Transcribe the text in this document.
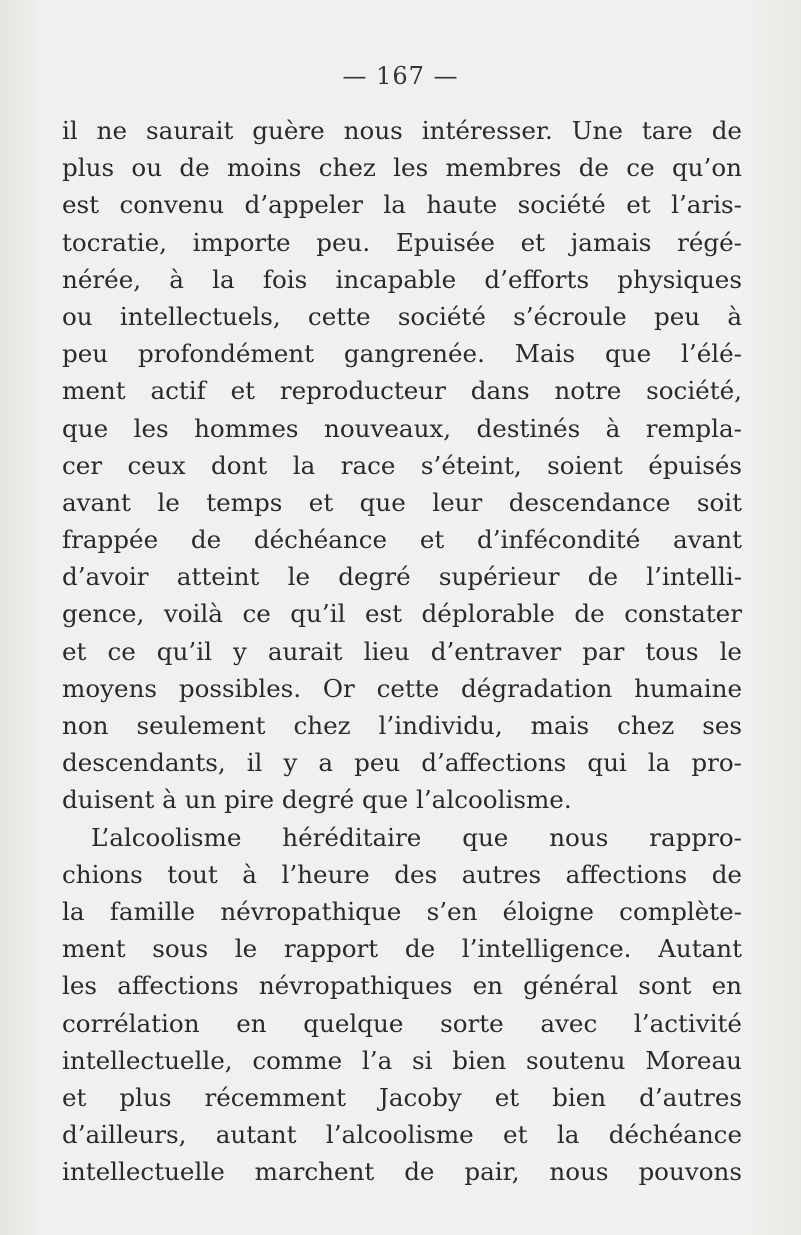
— 167 —
il ne saurait guère nous intéresser. Une tare de
plus ou de moins chez les membres de ce qu’on
est convenu d’appeler la haute société et l’aris-
tocratie, importe peu. Epuisée et jamais régé-
nérée, à la fois incapable d’efforts physiques
ou intellectuels, cette société s’écroule peu à
peu profondément gangrenée. Mais que l’élé-
ment actif et reproducteur dans notre société,
que les hommes nouveaux, destinés à rempla-
cer ceux dont la race s’éteint, soient épuisés
avant le temps et que leur descendance soit
frappée de déchéance et d’infécondité avant
d’avoir atteint le degré supérieur de l’intelli-
gence, voilà ce qu’il est déplorable de constater
et ce qu’il y aurait lieu d’entraver par tous le
moyens possibles. Or cette dégradation humaine
non seulement chez l’individu, mais chez ses
descendants, il y a peu d’affections qui la pro-
duisent à un pire degré que l’alcoolisme.
L’alcoolisme héréditaire que nous rappro-
chions tout à l’heure des autres affections de
la famille névropathique s’en éloigne complète-
ment sous le rapport de l’intelligence. Autant
les affections névropathiques en général sont en
corrélation en quelque sorte avec l’activité
intellectuelle, comme l’a si bien soutenu Moreau
et plus récemment Jacoby et bien d’autres
d’ailleurs, autant l’alcoolisme et la déchéance
intellectuelle marchent de pair, nous pouvons
